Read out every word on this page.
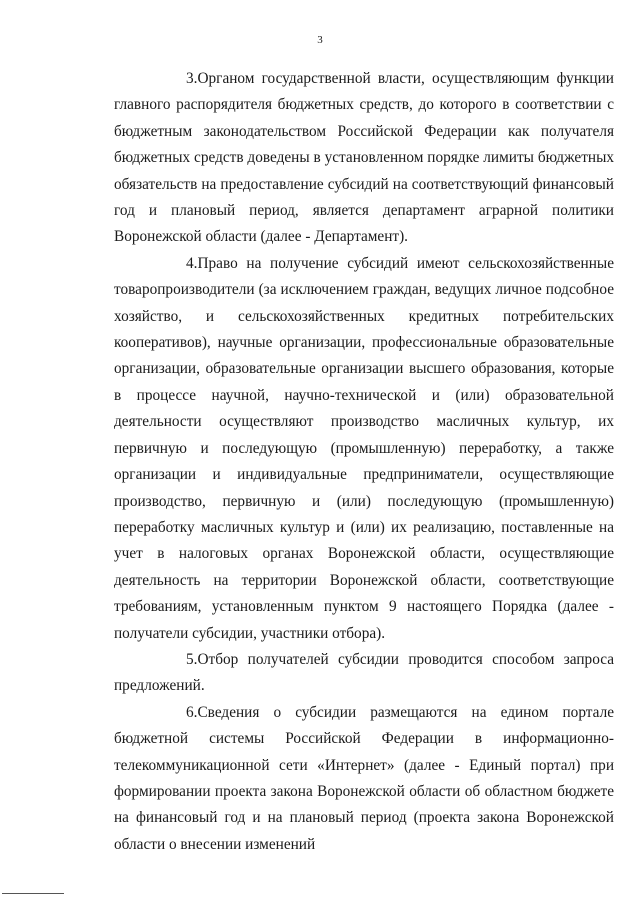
3

3.Органом государственной власти, осуществляющим функции главного распорядителя бюджетных средств, до которого в соответствии с бюджетным законодательством Российской Федерации как получателя бюджетных средств доведены в установленном порядке лимиты бюджетных обязательств на предоставление субсидий на соответствующий финансовый год и плановый период, является департамент аграрной политики Воронежской области (далее - Департамент).

4.Право на получение субсидий имеют сельскохозяйственные товаропроизводители (за исключением граждан, ведущих личное подсобное хозяйство, и сельскохозяйственных кредитных потребительских кооперативов), научные организации, профессиональные образовательные организации, образовательные организации высшего образования, которые в процессе научной, научно-технической и (или) образовательной деятельности осуществляют производство масличных культур, их первичную и последующую (промышленную) переработку, а также организации и индивидуальные предприниматели, осуществляющие производство, первичную и (или) последующую (промышленную) переработку масличных культур и (или) их реализацию, поставленные на учет в налоговых органах Воронежской области, осуществляющие деятельность на территории Воронежской области, соответствующие требованиям, установленным пунктом 9 настоящего Порядка (далее - получатели субсидии, участники отбора).

5.Отбор получателей субсидии проводится способом запроса предложений.

6.Сведения о субсидии размещаются на едином портале бюджетной системы Российской Федерации в информационно-телекоммуникационной сети «Интернет» (далее - Единый портал) при формировании проекта закона Воронежской области об областном бюджете на финансовый год и на плановый период (проекта закона Воронежской области о внесении изменений
